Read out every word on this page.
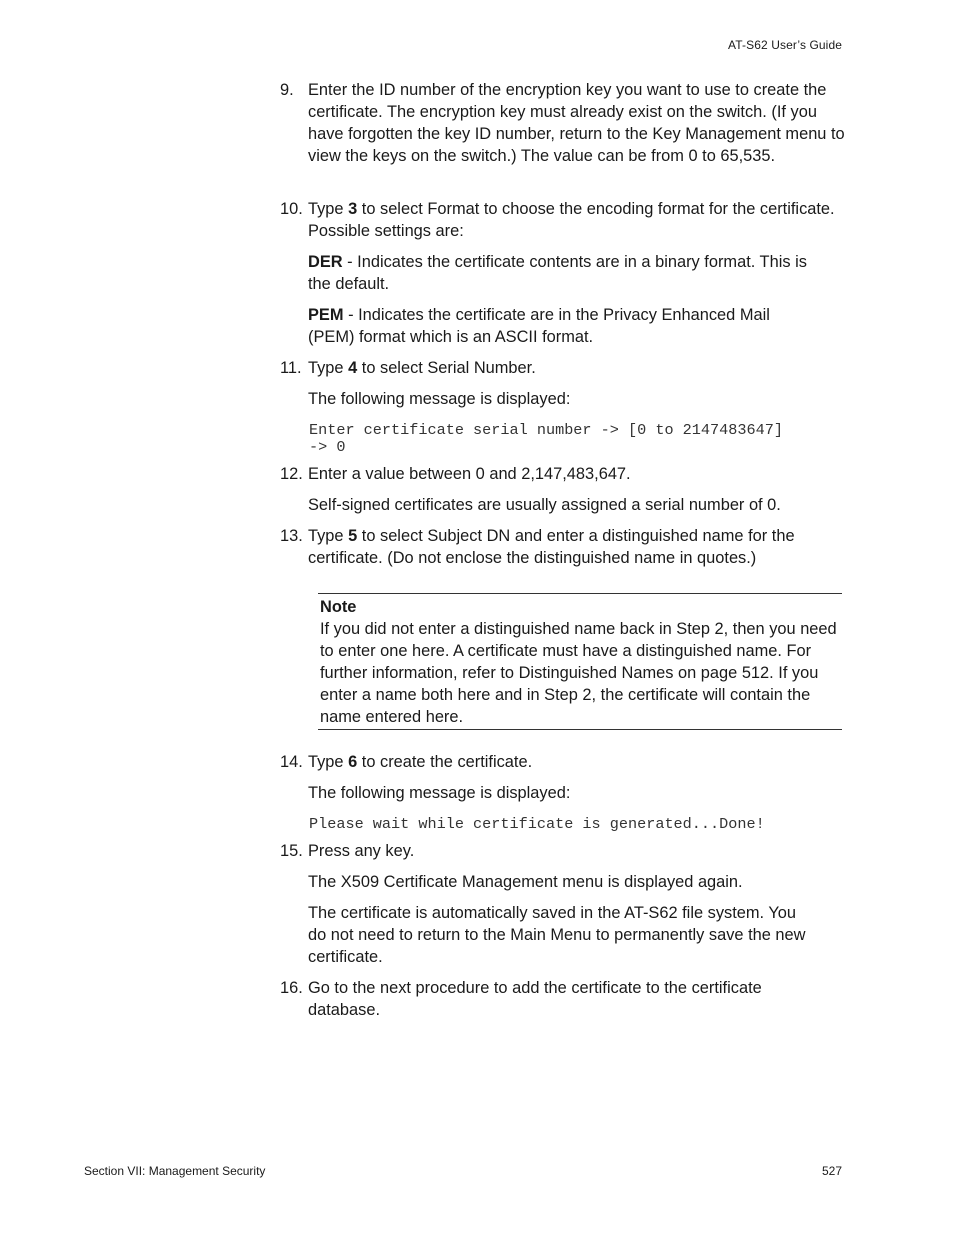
AT-S62 User’s Guide
9. Enter the ID number of the encryption key you want to use to create the certificate. The encryption key must already exist on the switch. (If you have forgotten the key ID number, return to the Key Management menu to view the keys on the switch.) The value can be from 0 to 65,535.
10. Type 3 to select Format to choose the encoding format for the certificate. Possible settings are:
DER - Indicates the certificate contents are in a binary format. This is the default.
PEM - Indicates the certificate are in the Privacy Enhanced Mail (PEM) format which is an ASCII format.
11. Type 4 to select Serial Number.
The following message is displayed:
Enter certificate serial number -> [0 to 2147483647]
-> 0
12. Enter a value between 0 and 2,147,483,647.
Self-signed certificates are usually assigned a serial number of 0.
13. Type 5 to select Subject DN and enter a distinguished name for the certificate. (Do not enclose the distinguished name in quotes.)
Note
If you did not enter a distinguished name back in Step 2, then you need to enter one here. A certificate must have a distinguished name. For further information, refer to Distinguished Names on page 512. If you enter a name both here and in Step 2, the certificate will contain the name entered here.
14. Type 6 to create the certificate.
The following message is displayed:
Please wait while certificate is generated...Done!
15. Press any key.
The X509 Certificate Management menu is displayed again.
The certificate is automatically saved in the AT-S62 file system. You do not need to return to the Main Menu to permanently save the new certificate.
16. Go to the next procedure to add the certificate to the certificate database.
Section VII: Management Security	527
